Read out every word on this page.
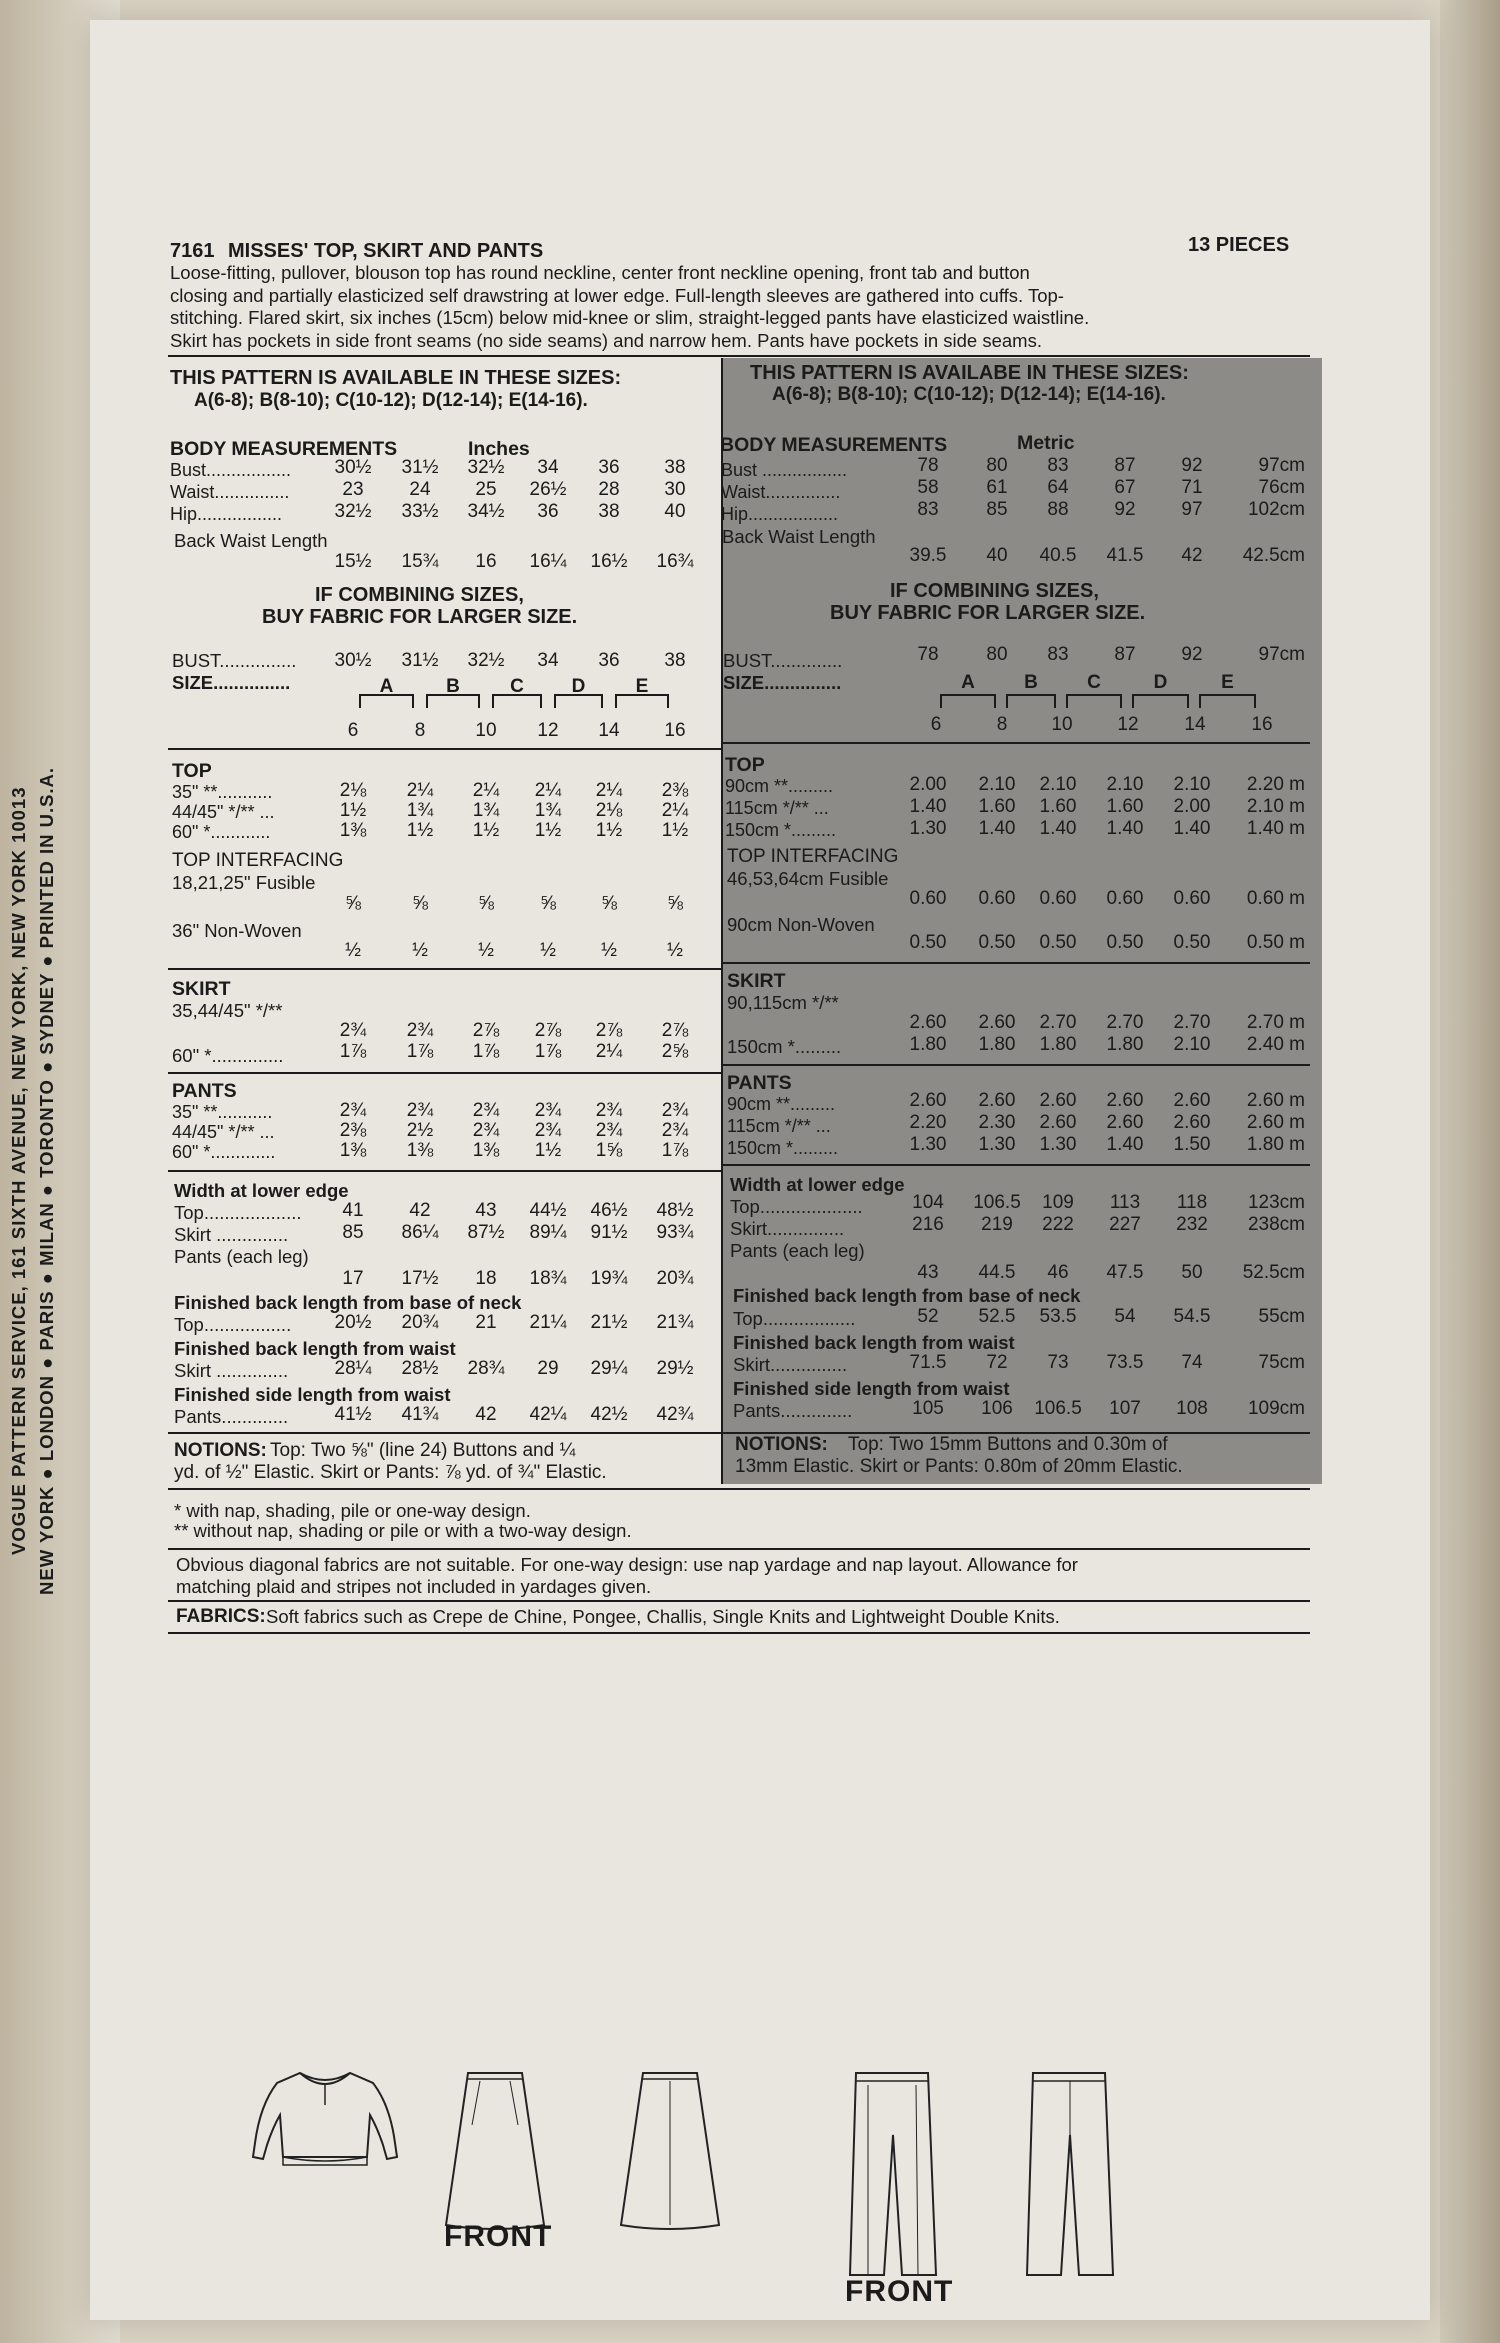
VOGUE PATTERN SERVICE, 161 SIXTH AVENUE, NEW YORK, NEW YORK 10013 NEW YORK ● LONDON ● PARIS ● MILAN ● TORONTO ● SYDNEY ● PRINTED IN U.S.A.
7161 MISSES' TOP, SKIRT AND PANTS	13 PIECES
Loose-fitting, pullover, blouson top has round neckline, center front neckline opening, front tab and button
closing and partially elasticized self drawstring at lower edge. Full-length sleeves are gathered into cuffs. Top-
stitching. Flared skirt, six inches (15cm) below mid-knee or slim, straight-legged pants have elasticized waistline.
Skirt has pockets in side front seams (no side seams) and narrow hem. Pants have pockets in side seams.
THIS PATTERN IS AVAILABLE IN THESE SIZES:
A(6-8); B(8-10); C(10-12); D(12-14); E(14-16).
BODY MEASUREMENTS	Inches
Bust.................	30½	31½	32½	34	36	38
Waist...............	23	24	25	26½	28	30
Hip.................	32½	33½	34½	36	38	40
Back Waist Length
15½	15¾	16	16¼	16½	16¾
IF COMBINING SIZES,
BUY FABRIC FOR LARGER SIZE.
BUST...............	30½	31½	32½	34	36	38
SIZE...............	A	B	C	D	E
6	8	10	12	14	16
TOP
35" **...........	2⅛	2¼	2¼	2¼	2¼	2⅜
44/45" */** ...	1½	1¾	1¾	1¾	2⅛	2¼
60" *............	1⅜	1½	1½	1½	1½	1½
TOP INTERFACING
18,21,25" Fusible
⅝	⅝	⅝	⅝	⅝	⅝
36" Non-Woven
½	½	½	½	½	½
SKIRT
35,44/45" */**
2¾	2¾	2⅞	2⅞	2⅞	2⅞
60" *..............	1⅞	1⅞	1⅞	1⅞	2¼	2⅝
PANTS
35" **...........	2¾	2¾	2¾	2¾	2¾	2¾
44/45" */** ...	2⅜	2½	2¾	2¾	2¾	2¾
60" *.............	1⅜	1⅜	1⅜	1½	1⅝	1⅞
Width at lower edge
Top...................	41	42	43	44½	46½	48½
Skirt ..............	85	86¼	87½	89¼	91½	93¾
Pants (each leg)
17	17½	18	18¾	19¾	20¾
Finished back length from base of neck
Top.................	20½	20¾	21	21¼	21½	21¾
Finished back length from waist
Skirt ..............	28¼	28½	28¾	29	29¼	29½
Finished side length from waist
Pants.............	41½	41¾	42	42¼	42½	42¾
NOTIONS: Top: Two ⅝" (line 24) Buttons and ¼
yd. of ½" Elastic. Skirt or Pants: ⅞ yd. of ¾" Elastic.
THIS PATTERN IS AVAILABE IN THESE SIZES:
A(6-8); B(8-10); C(10-12); D(12-14); E(14-16).
BODY MEASUREMENTS	Metric
Bust .................	78	80	83	87	92	97cm
Waist...............	58	61	64	67	71	76cm
Hip..................	83	85	88	92	97	102cm
Back Waist Length
39.5	40	40.5	41.5	42	42.5cm
IF COMBINING SIZES,
BUY FABRIC FOR LARGER SIZE.
BUST..............	78	80	83	87	92	97cm
SIZE...............	A	B	C	D	E
6	8	10	12	14	16
TOP
90cm **.........	2.00	2.10	2.10	2.10	2.10	2.20 m
115cm */** ...	1.40	1.60	1.60	1.60	2.00	2.10 m
150cm *.........	1.30	1.40	1.40	1.40	1.40	1.40 m
TOP INTERFACING
46,53,64cm Fusible
0.60	0.60	0.60	0.60	0.60	0.60 m
90cm Non-Woven
0.50	0.50	0.50	0.50	0.50	0.50 m
SKIRT
90,115cm */**
2.60	2.60	2.70	2.70	2.70	2.70 m
150cm *.........	1.80	1.80	1.80	1.80	2.10	2.40 m
PANTS
90cm **.........	2.60	2.60	2.60	2.60	2.60	2.60 m
115cm */** ...	2.20	2.30	2.60	2.60	2.60	2.60 m
150cm *.........	1.30	1.30	1.30	1.40	1.50	1.80 m
Width at lower edge
Top....................	104	106.5	109	113	118	123cm
Skirt...............	216	219	222	227	232	238cm
Pants (each leg)
43	44.5	46	47.5	50	52.5cm
Finished back length from base of neck
Top..................	52	52.5	53.5	54	54.5	55cm
Finished back length from waist
Skirt...............	71.5	72	73	73.5	74	75cm
Finished side length from waist
Pants..............	105	106	106.5	107	108	109cm
NOTIONS: Top: Two 15mm Buttons and 0.30m of
13mm Elastic. Skirt or Pants: 0.80m of 20mm Elastic.
* with nap, shading, pile or one-way design.
** without nap, shading or pile or with a two-way design.
Obvious diagonal fabrics are not suitable. For one-way design: use nap yardage and nap layout. Allowance for
matching plaid and stripes not included in yardages given.
FABRICS: Soft fabrics such as Crepe de Chine, Pongee, Challis, Single Knits and Lightweight Double Knits.
FRONT
FRONT
